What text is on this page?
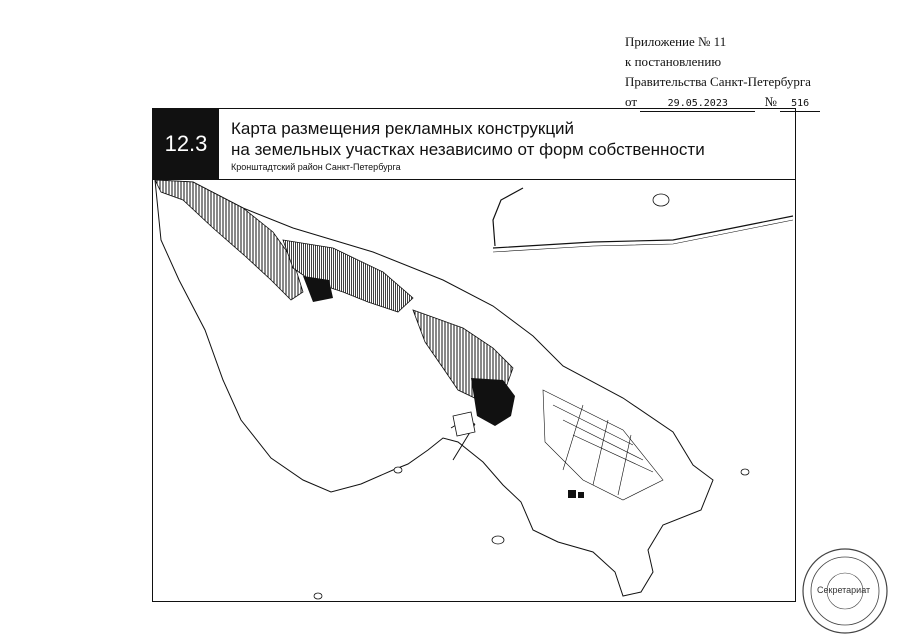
Приложение № 11
к постановлению
Правительства Санкт-Петербурга
от	29.05.2023	№ 516
12.3
Карта размещения рекламных конструкций
на земельных участках независимо от форм собственности
Кронштадтский район Санкт-Петербурга
Секретариат
